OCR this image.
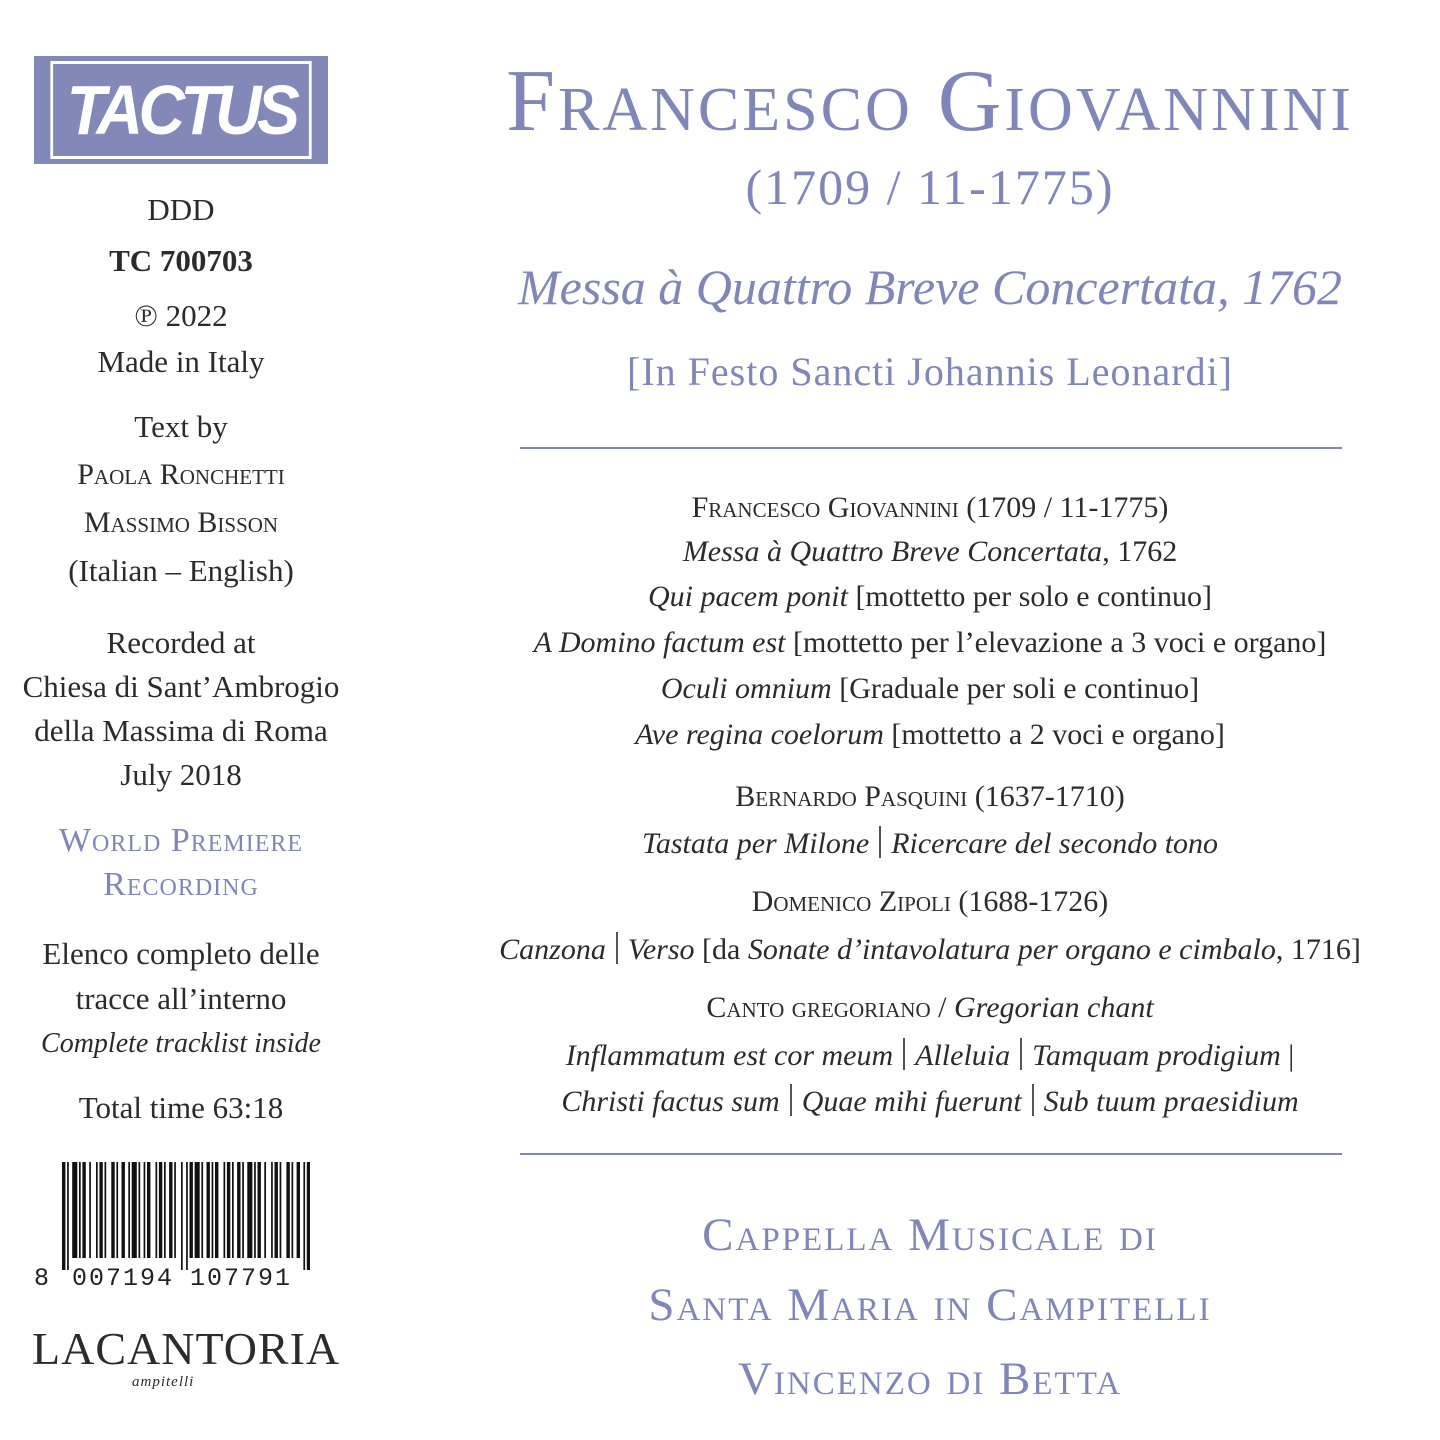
TACTUS
DDD
TC 700703
℗ 2022
Made in Italy
Text by
Paola Ronchetti
Massimo Bisson
(Italian – English)
Recorded at
Chiesa di Sant’Ambrogio
della Massima di Roma
July 2018
World Premiere
Recording
Elenco completo delle
tracce all’interno
Complete tracklist inside
Total time 63:18
8 007194 107791
LACANTORIA
ampitelli
Francesco Giovannini
(1709 / 11-1775)
Messa à Quattro Breve Concertata, 1762
[In Festo Sancti Johannis Leonardi]
Francesco Giovannini (1709 / 11-1775)
Messa à Quattro Breve Concertata, 1762
Qui pacem ponit [mottetto per solo e continuo]
A Domino factum est [mottetto per l’elevazione a 3 voci e organo]
Oculi omnium [Graduale per soli e continuo]
Ave regina coelorum [mottetto a 2 voci e organo]
Bernardo Pasquini (1637-1710)
Tastata per Milone Ricercare del secondo tono
Domenico Zipoli (1688-1726)
Canzona Verso [da Sonate d’intavolatura per organo e cimbalo, 1716]
Canto gregoriano / Gregorian chant
Inflammatum est cor meum Alleluia Tamquam prodigium |
Christi factus sum Quae mihi fuerunt Sub tuum praesidium
Cappella Musicale di
Santa Maria in Campitelli
Vincenzo di Betta
